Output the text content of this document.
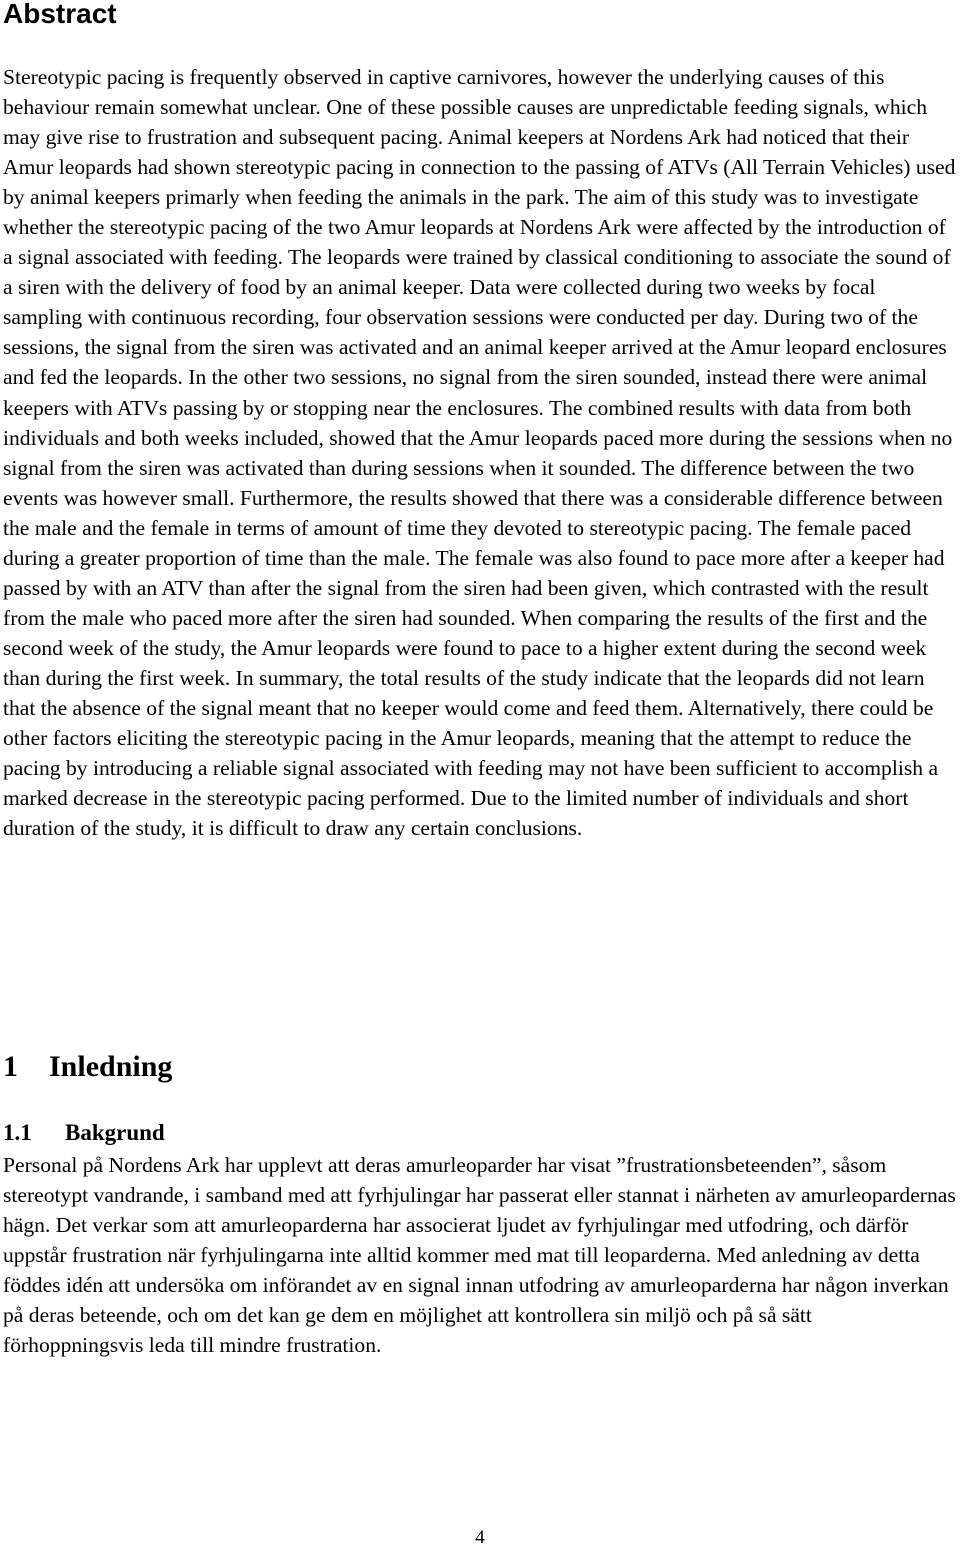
Abstract

Stereotypic pacing is frequently observed in captive carnivores, however the underlying causes of this behaviour remain somewhat unclear. One of these possible causes are unpredictable feeding signals, which may give rise to frustration and subsequent pacing. Animal keepers at Nordens Ark had noticed that their Amur leopards had shown stereotypic pacing in connection to the passing of ATVs (All Terrain Vehicles) used by animal keepers primarly when feeding the animals in the park. The aim of this study was to investigate whether the stereotypic pacing of the two Amur leopards at Nordens Ark were affected by the introduction of a signal associated with feeding. The leopards were trained by classical conditioning to associate the sound of a siren with the delivery of food by an animal keeper. Data were collected during two weeks by focal sampling with continuous recording, four observation sessions were conducted per day. During two of the sessions, the signal from the siren was activated and an animal keeper arrived at the Amur leopard enclosures and fed the leopards. In the other two sessions, no signal from the siren sounded, instead there were animal keepers with ATVs passing by or stopping near the enclosures. The combined results with data from both individuals and both weeks included, showed that the Amur leopards paced more during the sessions when no signal from the siren was activated than during sessions when it sounded. The difference between the two events was however small. Furthermore, the results showed that there was a considerable difference between the male and the female in terms of amount of time they devoted to stereotypic pacing. The female paced during a greater proportion of time than the male. The female was also found to pace more after a keeper had passed by with an ATV than after the signal from the siren had been given, which contrasted with the result from the male who paced more after the siren had sounded. When comparing the results of the first and the second week of the study, the Amur leopards were found to pace to a higher extent during the second week than during the first week. In summary, the total results of the study indicate that the leopards did not learn that the absence of the signal meant that no keeper would come and feed them. Alternatively, there could be other factors eliciting the stereotypic pacing in the Amur leopards, meaning that the attempt to reduce the pacing by introducing a reliable signal associated with feeding may not have been sufficient to accomplish a marked decrease in the stereotypic pacing performed. Due to the limited number of individuals and short duration of the study, it is difficult to draw any certain conclusions.

1 Inledning
1.1 Bakgrund

Personal på Nordens Ark har upplevt att deras amurleoparder har visat ”frustrationsbeteenden”, såsom stereotypt vandrande, i samband med att fyrhjulingar har passerat eller stannat i närheten av amurleopardernas hägn. Det verkar som att amurleoparderna har associerat ljudet av fyrhjulingar med utfodring, och därför uppstår frustration när fyrhjulingarna inte alltid kommer med mat till leoparderna. Med anledning av detta föddes idén att undersöka om införandet av en signal innan utfodring av amurleoparderna har någon inverkan på deras beteende, och om det kan ge dem en möjlighet att kontrollera sin miljö och på så sätt förhoppningsvis leda till mindre frustration.

4
